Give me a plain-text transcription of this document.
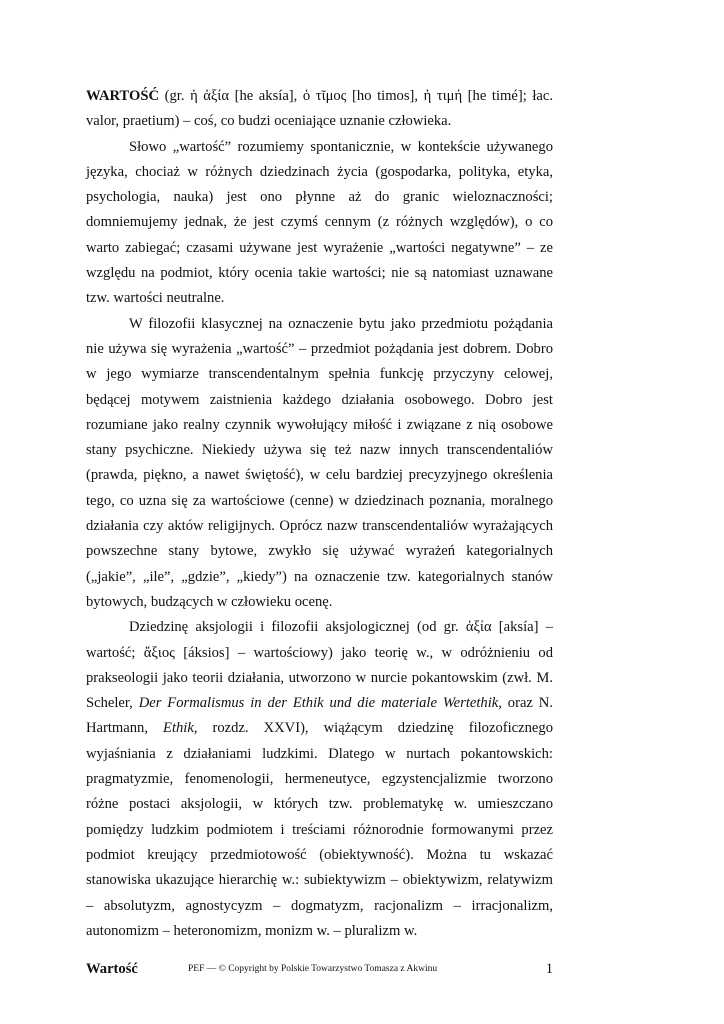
WARTOŚĆ (gr. ἡ ἀξία [he aksía], ὁ τῖμος [ho timos], ἡ τιμή [he timé]; łac. valor, praetium) – coś, co budzi oceniające uznanie człowieka.

Słowo „wartość” rozumiemy spontanicznie, w kontekście używanego języka, chociaż w różnych dziedzinach życia (gospodarka, polityka, etyka, psychologia, nauka) jest ono płynne aż do granic wieloznaczności; domniemujemy jednak, że jest czymś cennym (z różnych względów), o co warto zabiegać; czasami używane jest wyrażenie „wartości negatywne” – ze względu na podmiot, który ocenia takie wartości; nie są natomiast uznawane tzw. wartości neutralne.

W filozofii klasycznej na oznaczenie bytu jako przedmiotu pożądania nie używa się wyrażenia „wartość” – przedmiot pożądania jest dobrem. Dobro w jego wymiarze transcendentalnym spełnia funkcję przyczyny celowej, będącej motywem zaistnienia każdego działania osobowego. Dobro jest rozumiane jako realny czynnik wywołujący miłość i związane z nią osobowe stany psychiczne. Niekiedy używa się też nazw innych transcendentaliów (prawda, piękno, a nawet świętość), w celu bardziej precyzyjnego określenia tego, co uzna się za wartościowe (cenne) w dziedzinach poznania, moralnego działania czy aktów religijnych. Oprócz nazw transcendentaliów wyrażających powszechne stany bytowe, zwykło się używać wyrażeń kategorialnych („jakie”, „ile”, „gdzie”, „kiedy”) na oznaczenie tzw. kategorialnych stanów bytowych, budzących w człowieku ocenę.

Dziedzinę aksjologii i filozofii aksjologicznej (od gr. ἀξία [aksía] – wartość; ἄξιος [áksios] – wartościowy) jako teorię w., w odróżnieniu od prakseologii jako teorii działania, utworzono w nurcie pokantowskim (zwł. M. Scheler, Der Formalismus in der Ethik und die materiale Wertethik, oraz N. Hartmann, Ethik, rozdz. XXVI), wiążącym dziedzinę filozoficznego wyjaśniania z działaniami ludzkimi. Dlatego w nurtach pokantowskich: pragmatyzmie, fenomenologii, hermeneutyce, egzystencjalizmie tworzono różne postaci aksjologii, w których tzw. problematykę w. umieszczano pomiędzy ludzkim podmiotem i treściami różnorodnie formowanymi przez podmiot kreujący przedmiotowość (obiektywność). Można tu wskazać stanowiska ukazujące hierarchię w.: subiektywizm – obiektywizm, relatywizm – absolutyzm, agnostycyzm – dogmatyzm, racjonalizm – irracjonalizm, autonomizm – heteronomizm, monizm w. – pluralizm w.

Wartość	PEF — © Copyright by Polskie Towarzystwo Tomasza z Akwinu	1
